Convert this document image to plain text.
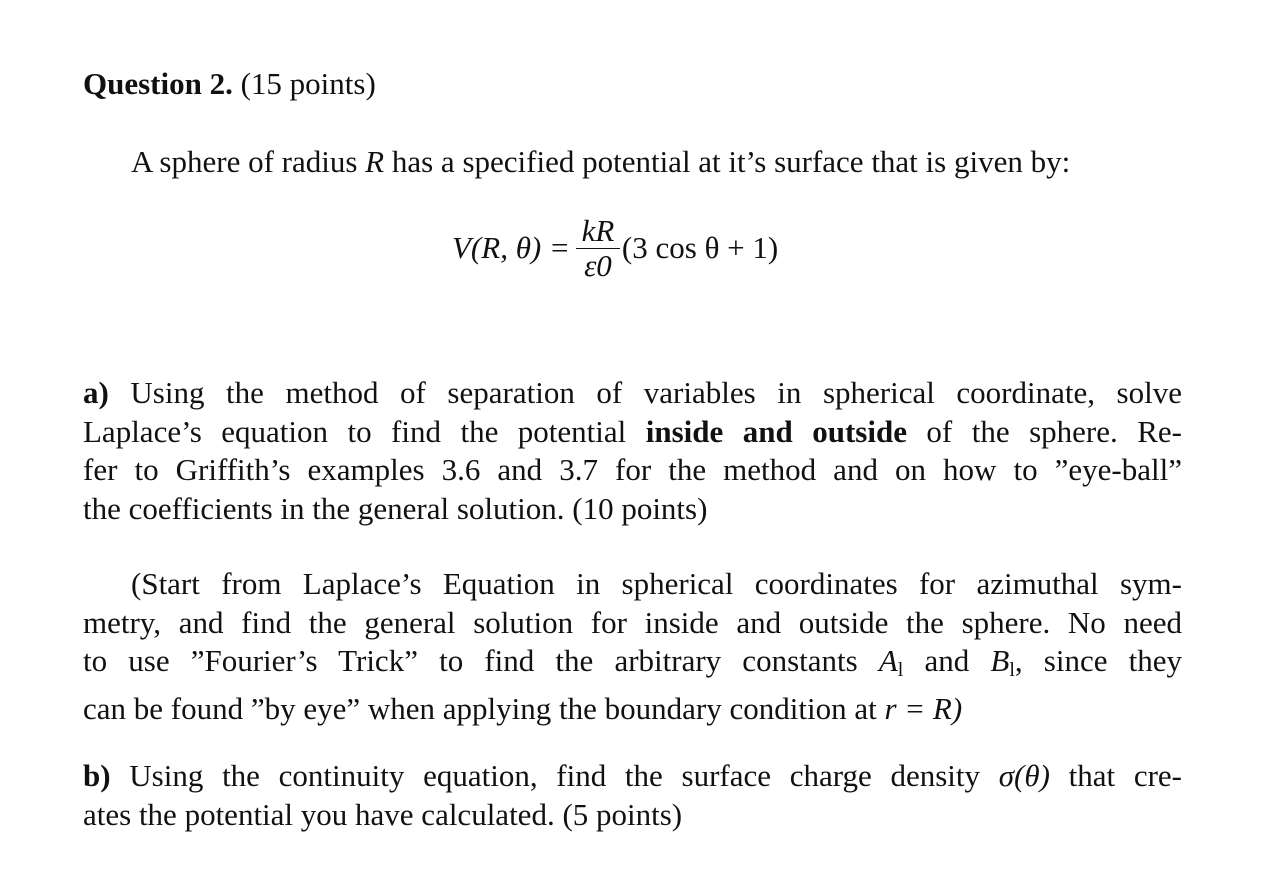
Question 2. (15 points)
A sphere of radius R has a specified potential at it’s surface that is given by:
V(R, $\theta) = \frac{kR}{\varepsilon 0} (3$ cos θ + 1)
a) Using the method of separation of variables in spherical coordinate, solve
Laplace’s equation to find the potential inside and outside of the sphere. Re-
fer to Griffith’s examples 3.6 and 3.7 for the method and on how to ”eye-ball”
the coefficients in the general solution. (10 points)
(Start from Laplace’s Equation in spherical coordinates for azimuthal sym-
metry, and find the general solution for inside and outside the sphere. No need
to use ”Fourier’s Trick” to find the arbitrary constants $A_l$ and $B_l$, since they
can be found ”by eye” when applying the boundary condition at r = R)
b) Using the continuity equation, find the surface charge density σ(θ) that cre-
ates the potential you have calculated. (5 points)
